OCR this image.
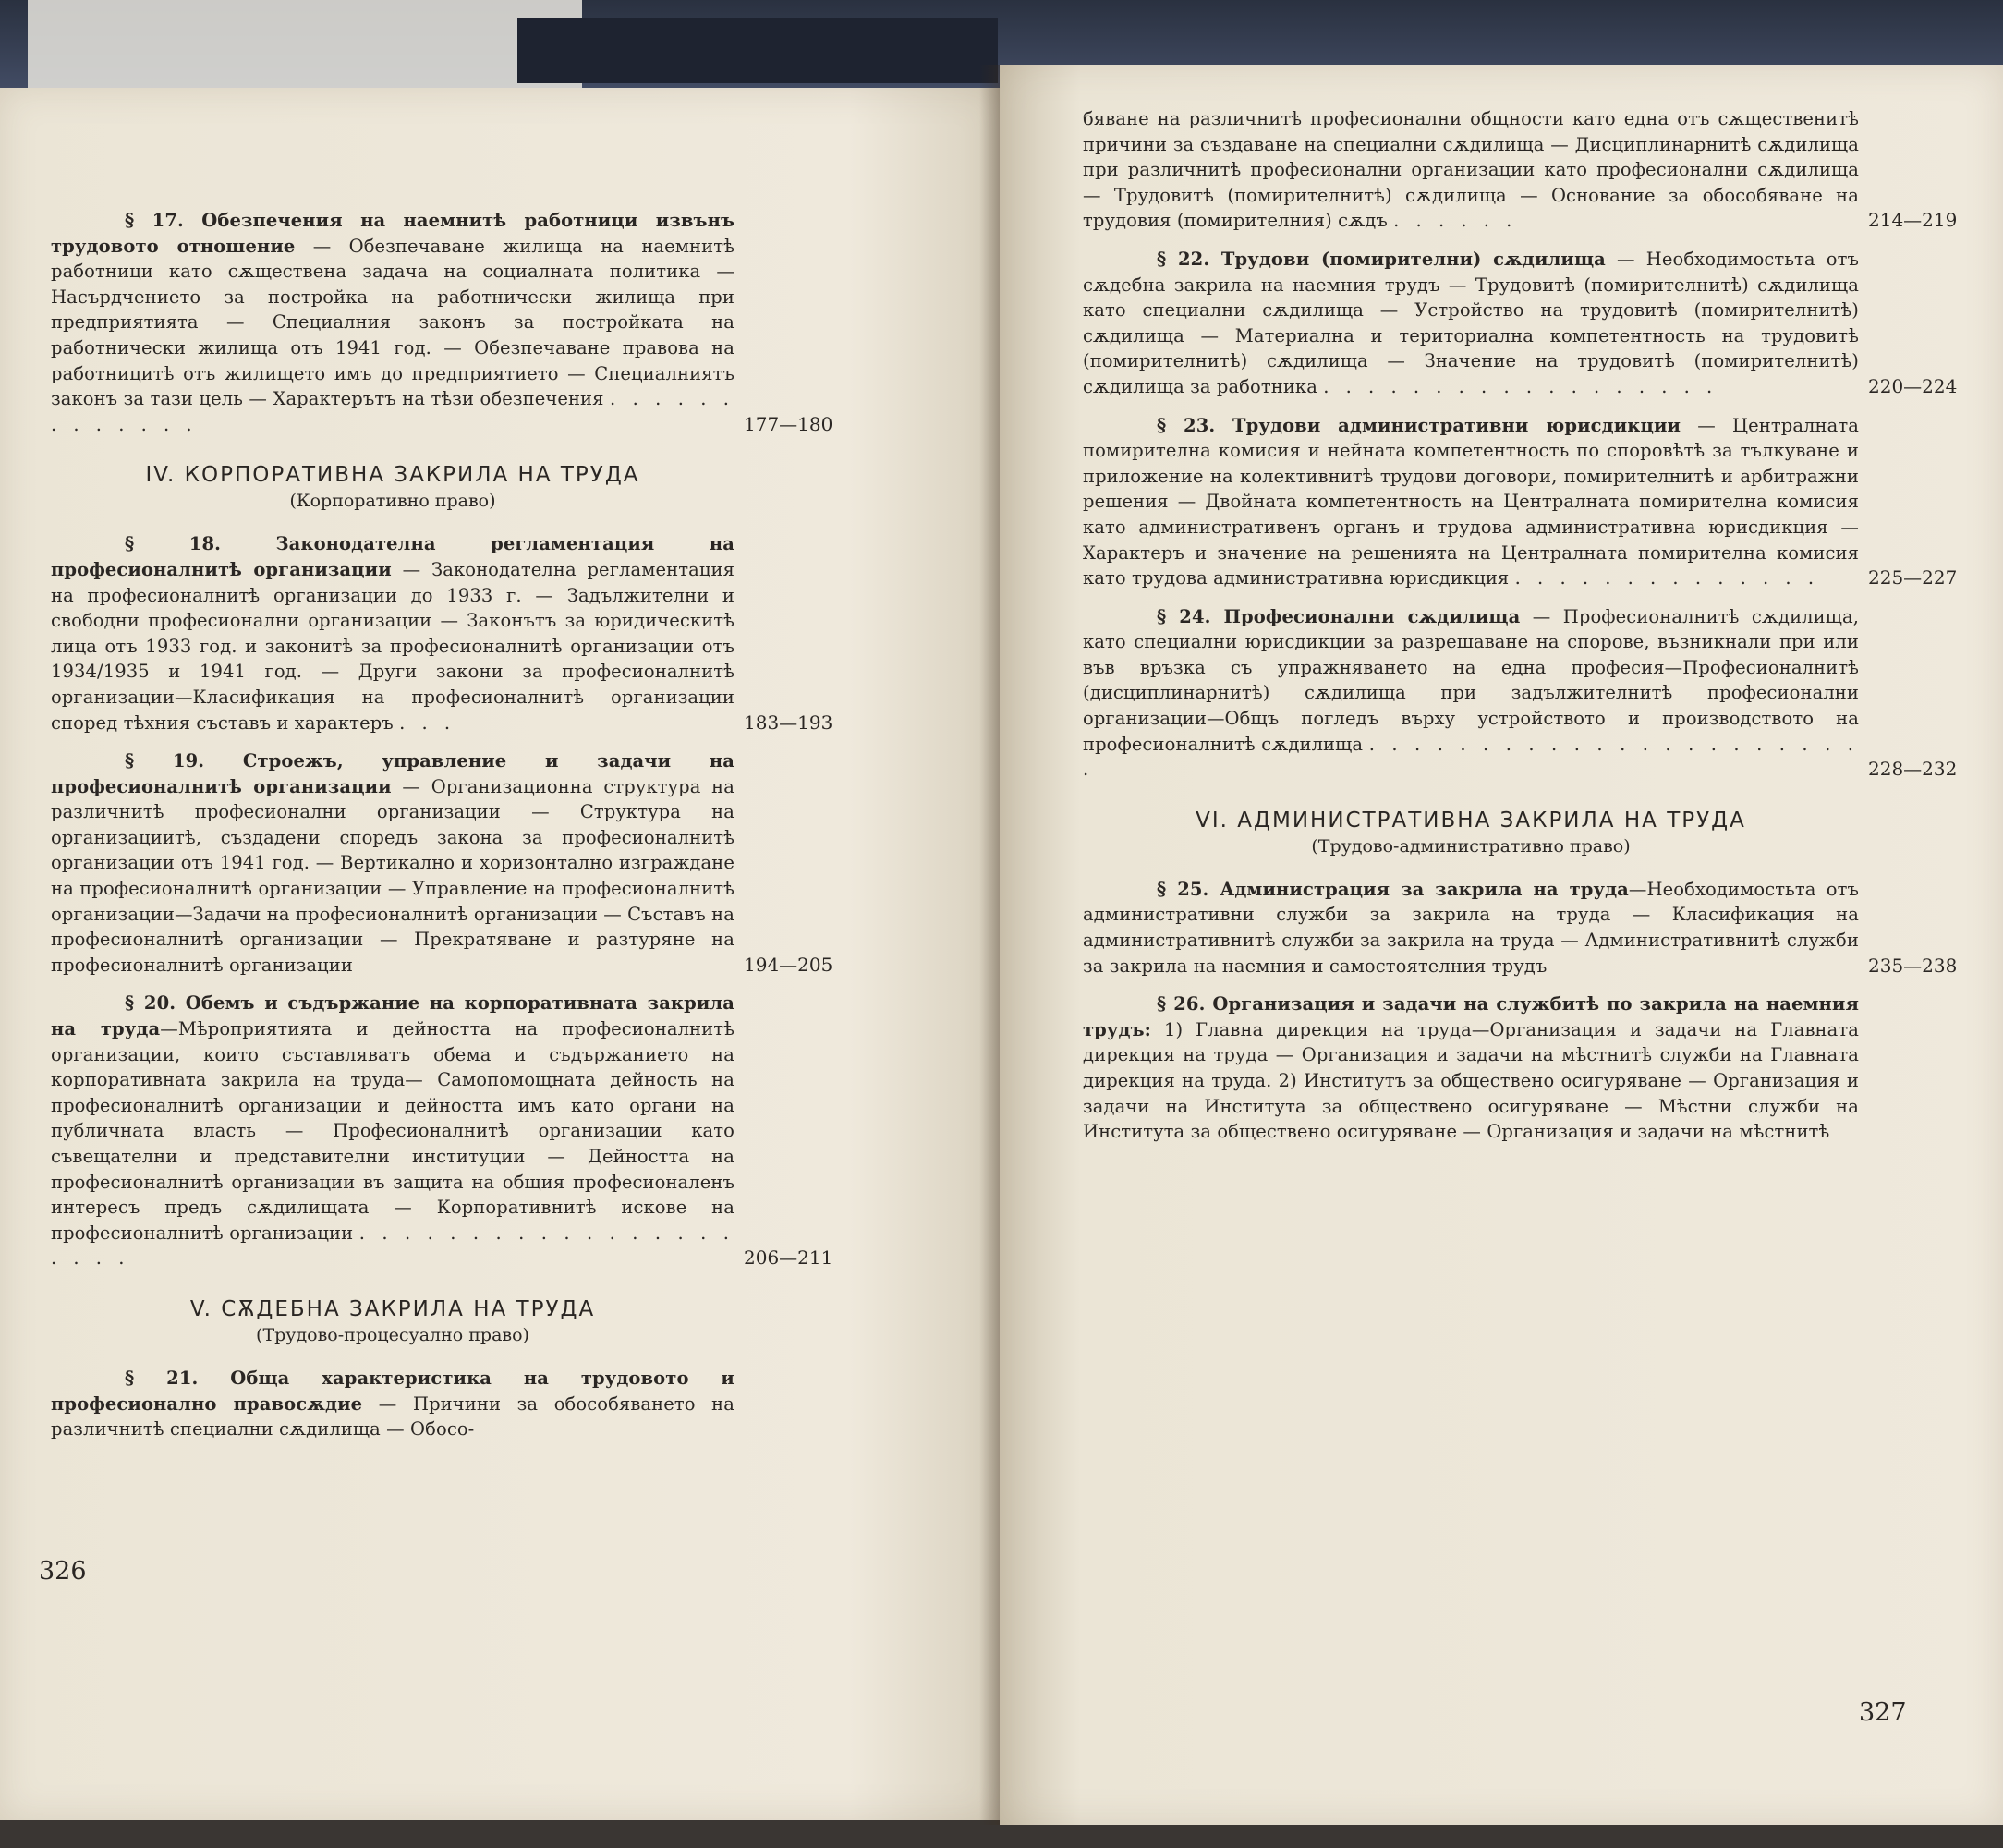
§ 17. Обезпечения на наемнитѣ работници извънъ трудовото отношение — Обезпечаване жилища на наемнитѣ работници като сѫществена задача на социалната политика — Насърдчението за постройка на работнически жилища при предприятията — Специалния законъ за постройката на работнически жилища отъ 1941 год. — Обезпечаване правова на работницитѣ отъ жилището имъ до предприятието — Специалниятъ законъ за тази цель — Характерътъ на тѣзи обезпечения . . . . . . . . . . . . .	177—180
IV. КОРПОРАТИВНА ЗАКРИЛА НА ТРУДА
(Корпоративно право)

§ 18. Законодателна регламентация на професионалнитѣ организации — Законодателна регламентация на професионалнитѣ организации до 1933 г. — Задължителни и свободни професионални организации — Законътъ за юридическитѣ лица отъ 1933 год. и законитѣ за професионалнитѣ организации отъ 1934/1935 и 1941 год. — Други закони за професионалнитѣ организации—Класификация на професионалнитѣ организации според тѣхния съставъ и характеръ . . .	183—193

§ 19. Строежъ, управление и задачи на професионалнитѣ организации — Организационна структура на различнитѣ професионални организации — Структура на организациитѣ, създадени споредъ закона за професионалнитѣ организации отъ 1941 год. — Вертикално и хоризонтално изграждане на професионалнитѣ организации — Управление на професионалнитѣ организации—Задачи на професионалнитѣ организации — Съставъ на професионалнитѣ организации — Прекратяване и разтуряне на професионалнитѣ организации	194—205

§ 20. Обемъ и съдържание на корпоративната закрила на труда—Мѣроприятията и дейността на професионалнитѣ организации, които съставляватъ обема и съдържанието на корпоративната закрила на труда— Самопомощната дейность на професионалнитѣ организации и дейността имъ като органи на публичната власть — Професионалнитѣ организации като съвещателни и представителни институции — Дейността на професионалнитѣ организации въ защита на общия професионаленъ интересъ предъ сѫдилищата — Корпоративнитѣ искове на професионалнитѣ организации . . . . . . . . . . . . . . . . . . . . .	206—211
V. СѪДЕБНА ЗАКРИЛА НА ТРУДА
(Трудово-процесуално право)

§ 21. Обща характеристика на трудовото и професионално правосѫдие — Причини за обособяването на различнитѣ специални сѫдилища — Обосо-

326

бяване на различнитѣ професионални общности като една отъ сѫщественитѣ причини за създаване на специални сѫдилища — Дисциплинарнитѣ сѫдилища при различнитѣ професионални организации като професионални сѫдилища — Трудовитѣ (помирителнитѣ) сѫдилища — Основание за обособяване на трудовия (помирителния) сѫдъ . . . . . .	214—219

§ 22. Трудови (помирителни) сѫдилища — Необходимостьта отъ сѫдебна закрила на наемния трудъ — Трудовитѣ (помирителнитѣ) сѫдилища като специални сѫдилища — Устройство на трудовитѣ (помирителнитѣ) сѫдилища — Материална и териториална компетентность на трудовитѣ (помирителнитѣ) сѫдилища — Значение на трудовитѣ (помирителнитѣ) сѫдилища за работника . . . . . . . . . . . . . . . . . .	220—224

§ 23. Трудови административни юрисдикции — Централната помирителна комисия и нейната компетентность по споровѣтѣ за тълкуване и приложение на колективнитѣ трудови договори, помирителнитѣ и арбитражни решения — Двойната компетентность на Централната помирителна комисия като административенъ органъ и трудова административна юрисдикция — Характеръ и значение на решенията на Централната помирителна комисия като трудова административна юрисдикция . . . . . . . . . . . . . .	225—227

§ 24. Професионални сѫдилища — Професионалнитѣ сѫдилища, като специални юрисдикции за разрешаване на спорове, възникнали при или във връзка съ упражняването на една професия—Професионалнитѣ (дисциплинарнитѣ) сѫдилища при задължителнитѣ професионални организации—Общъ погледъ върху устройството и производството на професионалнитѣ сѫдилища . . . . . . . . . . . . . . . . . . . . . . .	228—232
VI. АДМИНИСТРАТИВНА ЗАКРИЛА НА ТРУДА
(Трудово-административно право)

§ 25. Администрация за закрила на труда—Необходимостьта отъ административни служби за закрила на труда — Класификация на административнитѣ служби за закрила на труда — Административнитѣ служби за закрила на наемния и самостоятелния трудъ	235—238

§ 26. Организация и задачи на службитѣ по закрила на наемния трудъ: 1) Главна дирекция на труда—Организация и задачи на Главната дирекция на труда — Организация и задачи на мѣстнитѣ служби на Главната дирекция на труда. 2) Институтъ за обществено осигуряване — Организация и задачи на Института за обществено осигуряване — Мѣстни служби на Института за обществено осигуряване — Организация и задачи на мѣстнитѣ

327
